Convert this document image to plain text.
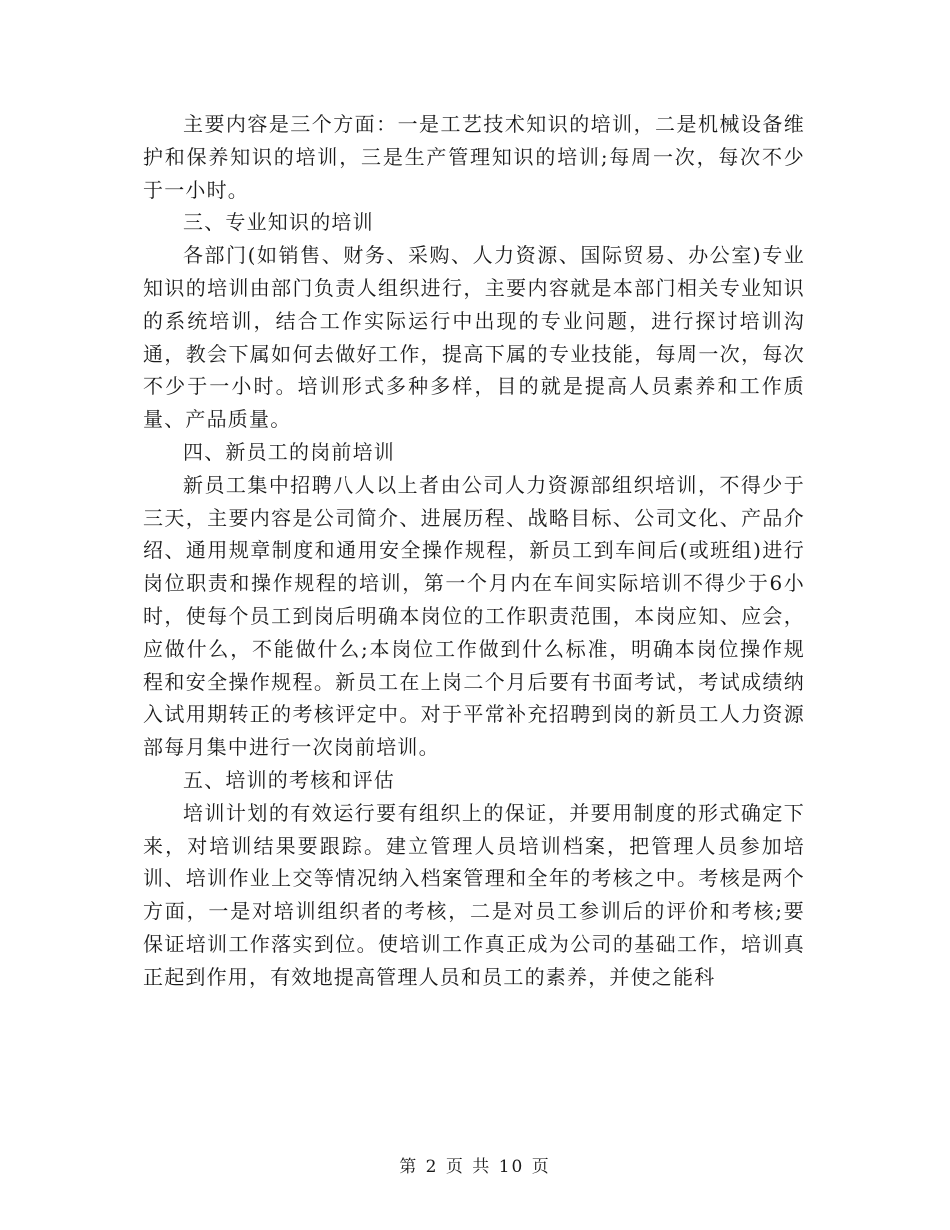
主要内容是三个方面：一是工艺技术知识的培训，二是机械设备维护和保养知识的培训，三是生产管理知识的培训;每周一次，每次不少于一小时。

三、专业知识的培训

各部门(如销售、财务、采购、人力资源、国际贸易、办公室)专业知识的培训由部门负责人组织进行，主要内容就是本部门相关专业知识的系统培训，结合工作实际运行中出现的专业问题，进行探讨培训沟通，教会下属如何去做好工作，提高下属的专业技能，每周一次，每次不少于一小时。培训形式多种多样，目的就是提高人员素养和工作质量、产品质量。

四、新员工的岗前培训

新员工集中招聘八人以上者由公司人力资源部组织培训，不得少于三天，主要内容是公司简介、进展历程、战略目标、公司文化、产品介绍、通用规章制度和通用安全操作规程，新员工到车间后(或班组)进行岗位职责和操作规程的培训，第一个月内在车间实际培训不得少于6小时，使每个员工到岗后明确本岗位的工作职责范围，本岗应知、应会，应做什么，不能做什么;本岗位工作做到什么标准，明确本岗位操作规程和安全操作规程。新员工在上岗二个月后要有书面考试，考试成绩纳入试用期转正的考核评定中。对于平常补充招聘到岗的新员工人力资源部每月集中进行一次岗前培训。

五、培训的考核和评估

培训计划的有效运行要有组织上的保证，并要用制度的形式确定下来，对培训结果要跟踪。建立管理人员培训档案，把管理人员参加培训、培训作业上交等情况纳入档案管理和全年的考核之中。考核是两个方面，一是对培训组织者的考核，二是对员工参训后的评价和考核;要保证培训工作落实到位。使培训工作真正成为公司的基础工作，培训真正起到作用，有效地提高管理人员和员工的素养，并使之能科

第 2 页 共 10 页
